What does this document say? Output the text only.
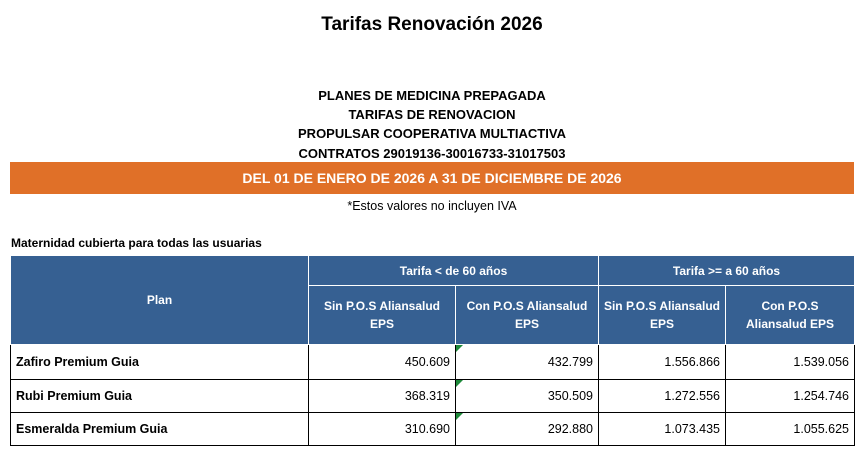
Tarifas Renovación 2026
PLANES DE MEDICINA PREPAGADA
TARIFAS DE RENOVACION
PROPULSAR COOPERATIVA MULTIACTIVA
CONTRATOS 29019136-30016733-31017503
DEL 01 DE ENERO DE 2026 A 31 DE DICIEMBRE DE 2026
*Estos valores no incluyen IVA
Maternidad cubierta para todas las usuarias
Plan	Tarifa < de 60 años		Tarifa >= a 60 años	
	Sin P.O.S Aliansalud EPS	Con P.O.S Aliansalud EPS	Sin P.O.S Aliansalud EPS	Con P.O.S Aliansalud EPS
Zafiro Premium Guia	450.609	432.799	1.556.866	1.539.056
Rubi Premium Guia	368.319	350.509	1.272.556	1.254.746
Esmeralda Premium Guia	310.690	292.880	1.073.435	1.055.625
